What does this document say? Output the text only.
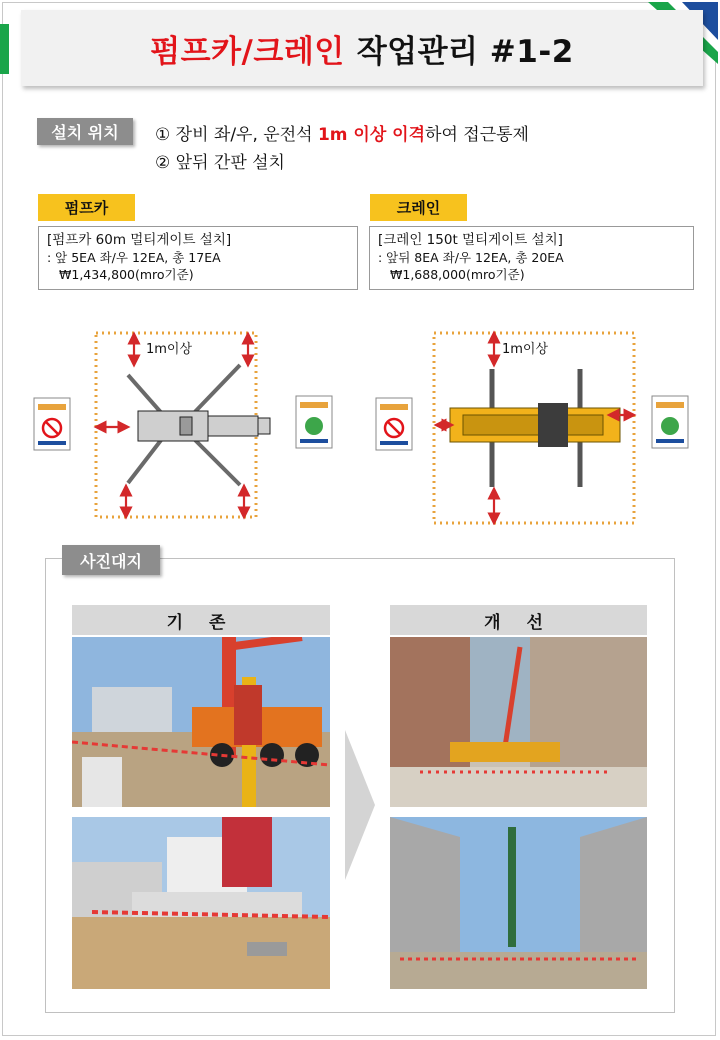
펌프카/크레인 작업관리 #1-2
설치 위치	① 장비 좌/우, 운전석 1m 이상 이격하여 접근통제
② 앞뒤 간판 설치
펌프카
[펌프카 60m 멀티게이트 설치]
: 앞 5EA 좌/우 12EA, 총 17EA
₩1,434,800(mro기준)
크레인
[크레인 150t 멀티게이트 설치]
: 앞뒤 8EA 좌/우 12EA, 총 20EA
₩1,688,000(mro기준)
1m이상	1m이상
사진대지
기 존	개 선
